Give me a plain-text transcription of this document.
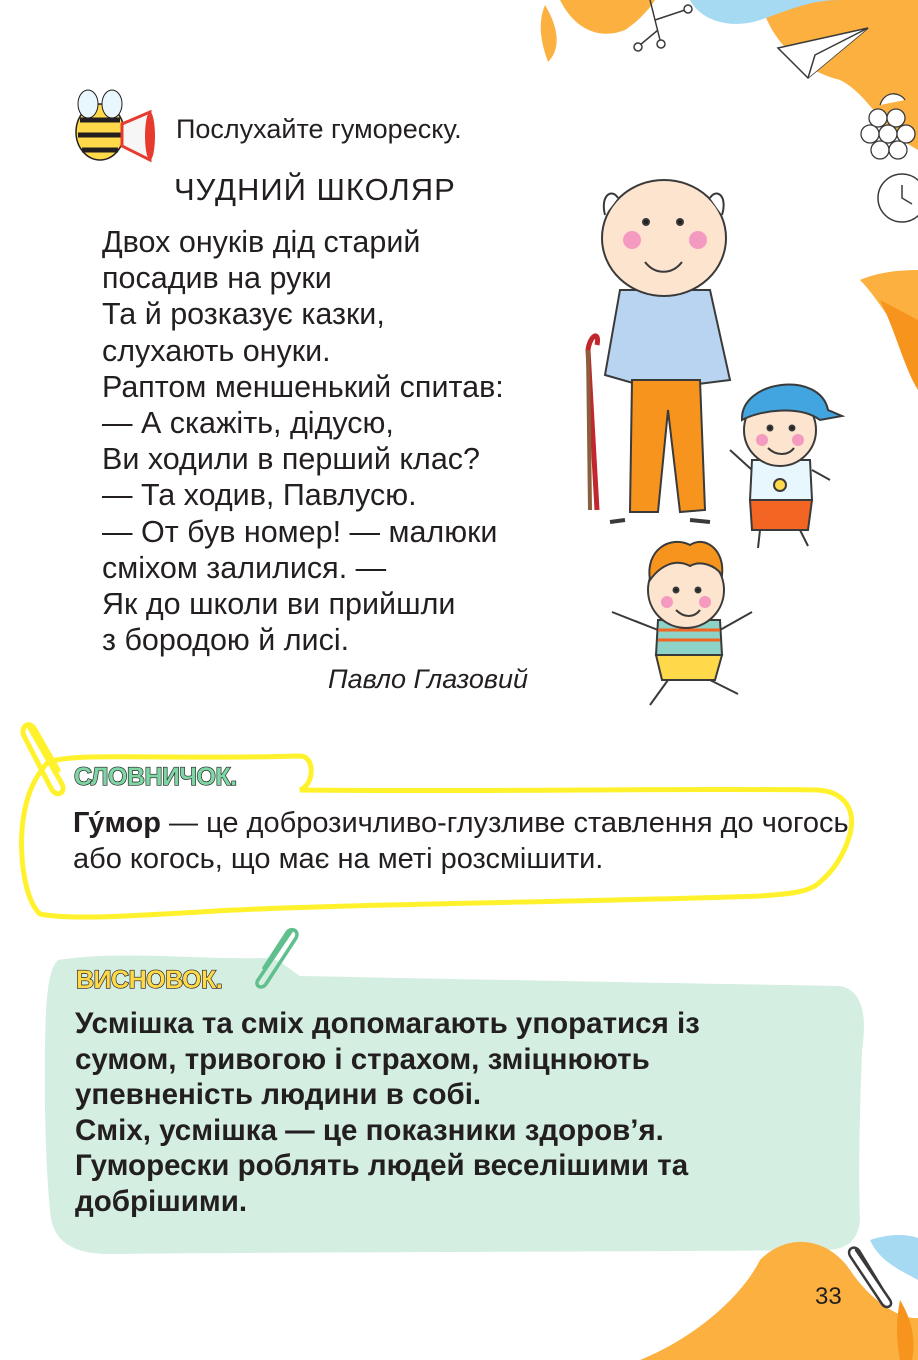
Послухайте гумореску.
ЧУДНИЙ ШКОЛЯР
Двох онуків дід старий
посадив на руки
Та й розказує казки,
слухають онуки.
Раптом меншенький спитав:
— А скажіть, дідусю,
Ви ходили в перший клас?
— Та ходив, Павлусю.
— От був номер! — малюки
сміхом залилися. —
Як до школи ви прийшли
з бородою й лисі.
Павло Глазовий
СЛОВНИЧОК.
Гу́мор — це доброзичливо-глузливе ставлення до чогось або когось, що має на меті розсмішити.
ВИСНОВОК.
Усмішка та сміх допомагають упоратися із
сумом, тривогою і страхом, зміцнюють
упевненість людини в собі.
Сміх, усмішка — це показники здоров’я.
Гуморески роблять людей веселішими та
добрішими.
33
